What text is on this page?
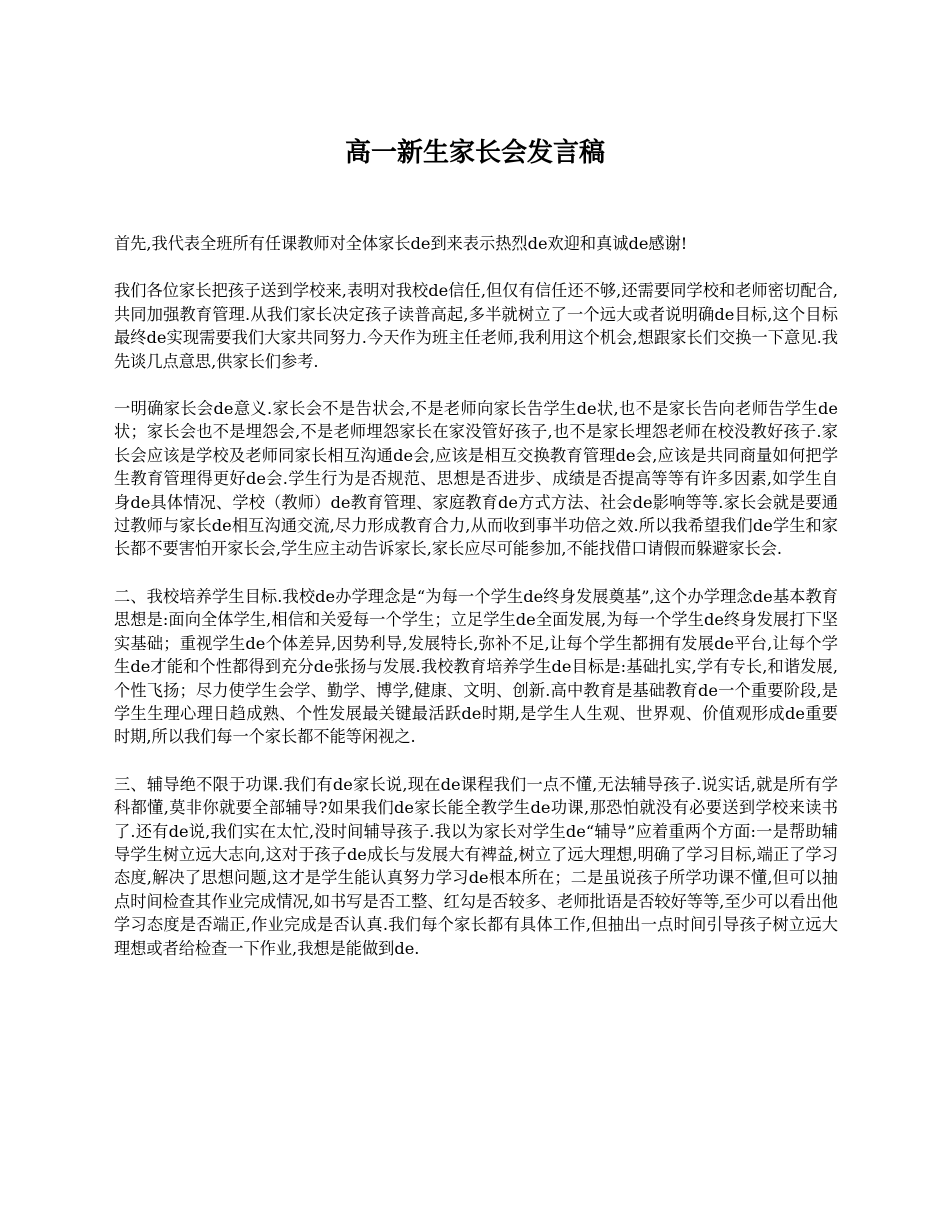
高一新生家长会发言稿

首先,我代表全班所有任课教师对全体家长de到来表示热烈de欢迎和真诚de感谢!

我们各位家长把孩子送到学校来,表明对我校de信任,但仅有信任还不够,还需要同学校和老师密切配合,共同加强教育管理.从我们家长决定孩子读普高起,多半就树立了一个远大或者说明确de目标,这个目标最终de实现需要我们大家共同努力.今天作为班主任老师,我利用这个机会,想跟家长们交换一下意见.我先谈几点意思,供家长们参考.

一明确家长会de意义.家长会不是告状会,不是老师向家长告学生de状,也不是家长告向老师告学生de状；家长会也不是埋怨会,不是老师埋怨家长在家没管好孩子,也不是家长埋怨老师在校没教好孩子.家长会应该是学校及老师同家长相互沟通de会,应该是相互交换教育管理de会,应该是共同商量如何把学生教育管理得更好de会.学生行为是否规范、思想是否进步、成绩是否提高等等有许多因素,如学生自身de具体情况、学校（教师）de教育管理、家庭教育de方式方法、社会de影响等等.家长会就是要通过教师与家长de相互沟通交流,尽力形成教育合力,从而收到事半功倍之效.所以我希望我们de学生和家长都不要害怕开家长会,学生应主动告诉家长,家长应尽可能参加,不能找借口请假而躲避家长会.

二、我校培养学生目标.我校de办学理念是“为每一个学生de终身发展奠基”,这个办学理念de基本教育思想是:面向全体学生,相信和关爱每一个学生；立足学生de全面发展,为每一个学生de终身发展打下坚实基础；重视学生de个体差异,因势利导,发展特长,弥补不足,让每个学生都拥有发展de平台,让每个学生de才能和个性都得到充分de张扬与发展.我校教育培养学生de目标是:基础扎实,学有专长,和谐发展,个性飞扬；尽力使学生会学、勤学、博学,健康、文明、创新.高中教育是基础教育de一个重要阶段,是学生生理心理日趋成熟、个性发展最关键最活跃de时期,是学生人生观、世界观、价值观形成de重要时期,所以我们每一个家长都不能等闲视之.

三、辅导绝不限于功课.我们有de家长说,现在de课程我们一点不懂,无法辅导孩子.说实话,就是所有学科都懂,莫非你就要全部辅导?如果我们de家长能全教学生de功课,那恐怕就没有必要送到学校来读书了.还有de说,我们实在太忙,没时间辅导孩子.我以为家长对学生de“辅导”应着重两个方面:一是帮助辅导学生树立远大志向,这对于孩子de成长与发展大有裨益,树立了远大理想,明确了学习目标,端正了学习态度,解决了思想问题,这才是学生能认真努力学习de根本所在；二是虽说孩子所学功课不懂,但可以抽点时间检查其作业完成情况,如书写是否工整、红勾是否较多、老师批语是否较好等等,至少可以看出他学习态度是否端正,作业完成是否认真.我们每个家长都有具体工作,但抽出一点时间引导孩子树立远大理想或者给检查一下作业,我想是能做到de.
